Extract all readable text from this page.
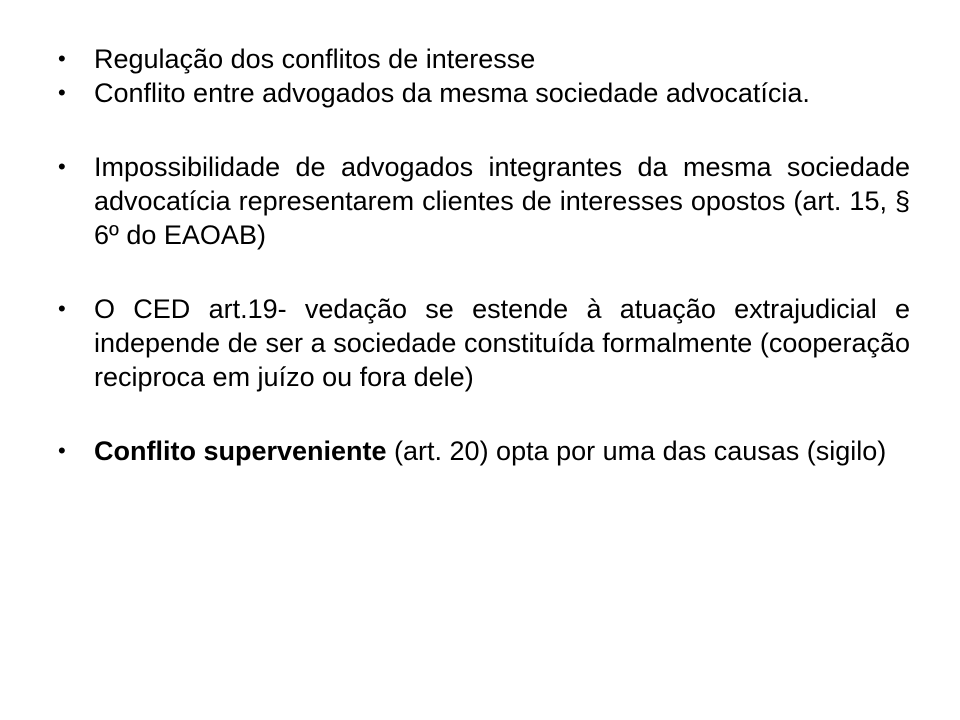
•	Regulação dos conflitos de interesse
•	Conflito entre advogados da mesma sociedade advocatícia.
•	Impossibilidade de advogados integrantes da mesma sociedade advocatícia representarem clientes de interesses opostos (art. 15, § 6º do EAOAB)
•	O CED art.19- vedação se estende à atuação extrajudicial e independe de ser a sociedade constituída formalmente (cooperação reciproca em juízo ou fora dele)
•	Conflito superveniente (art. 20) opta por uma das causas (sigilo)
